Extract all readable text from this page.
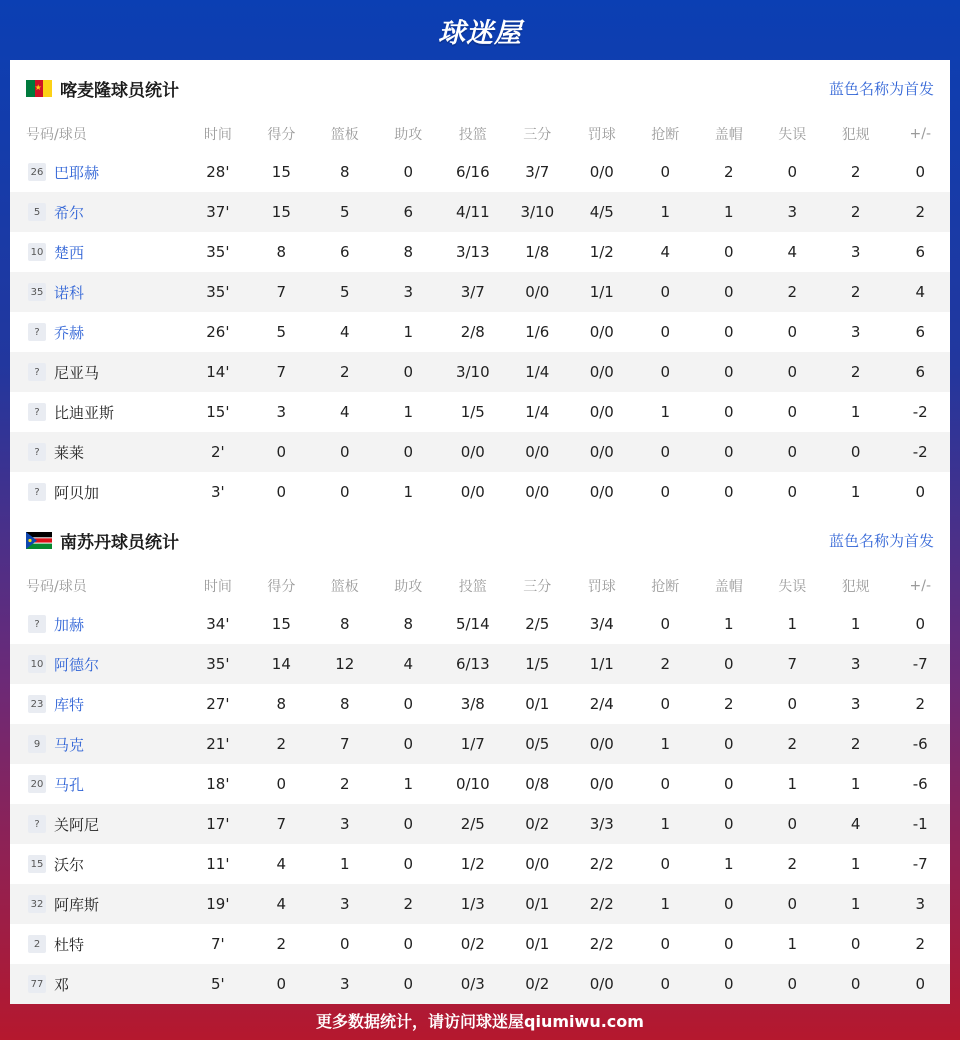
球迷屋
★ 喀麦隆球员统计	蓝色名称为首发
号码/球员	时间	得分	篮板	助攻	投篮	三分	罚球	抢断	盖帽	失误	犯规	+/-

26 巴耶赫	28'	15	8	0	6/16	3/7	0/0	0	2	0	2	0

5 希尔	37'	15	5	6	4/11	3/10	4/5	1	1	3	2	2

10 楚西	35'	8	6	8	3/13	1/8	1/2	4	0	4	3	6

35 诺科	35'	7	5	3	3/7	0/0	1/1	0	0	2	2	4

? 乔赫	26'	5	4	1	2/8	1/6	0/0	0	0	0	3	6

? 尼亚马	14'	7	2	0	3/10	1/4	0/0	0	0	0	2	6

? 比迪亚斯	15'	3	4	1	1/5	1/4	0/0	1	0	0	1	-2

? 莱莱	2'	0	0	0	0/0	0/0	0/0	0	0	0	0	-2

? 阿贝加	3'	0	0	1	0/0	0/0	0/0	0	0	0	1	0
南苏丹球员统计	蓝色名称为首发
号码/球员	时间	得分	篮板	助攻	投篮	三分	罚球	抢断	盖帽	失误	犯规	+/-

? 加赫	34'	15	8	8	5/14	2/5	3/4	0	1	1	1	0

10 阿德尔	35'	14	12	4	6/13	1/5	1/1	2	0	7	3	-7

23 库特	27'	8	8	0	3/8	0/1	2/4	0	2	0	3	2

9 马克	21'	2	7	0	1/7	0/5	0/0	1	0	2	2	-6

20 马孔	18'	0	2	1	0/10	0/8	0/0	0	0	1	1	-6

? 关阿尼	17'	7	3	0	2/5	0/2	3/3	1	0	0	4	-1

15 沃尔	11'	4	1	0	1/2	0/0	2/2	0	1	2	1	-7

32 阿库斯	19'	4	3	2	1/3	0/1	2/2	1	0	0	1	3

2 杜特	7'	2	0	0	0/2	0/1	2/2	0	0	1	0	2

77 邓	5'	0	3	0	0/3	0/2	0/0	0	0	0	0	0
更多数据统计，请访问球迷屋qiumiwu.com
